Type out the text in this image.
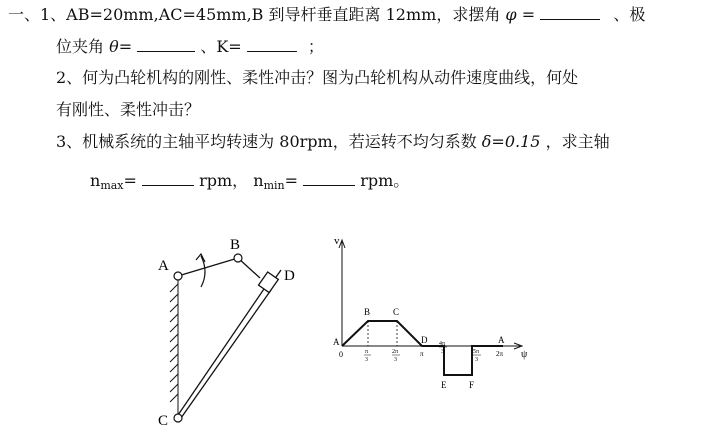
一、1、AB=20mm,AC=45mm,B 到导杆垂直距离 12mm，求摆角 φ =	、极
位夹角 θ=	、K=	；
2、何为凸轮机构的刚性、柔性冲击？图为凸轮机构从动件速度曲线，何处
有刚性、柔性冲击？
3、机械系统的主轴平均转速为 80rpm，若运转不均匀系数 δ=0.15 ，求主轴
$n_{max}=$	rpm， $n_{min}=$	rpm。
A
B
C
D
v
ψ
A
B	C
D
E	F
A
0	π
3
2π
3
π
4π
3	5π
3
2π
